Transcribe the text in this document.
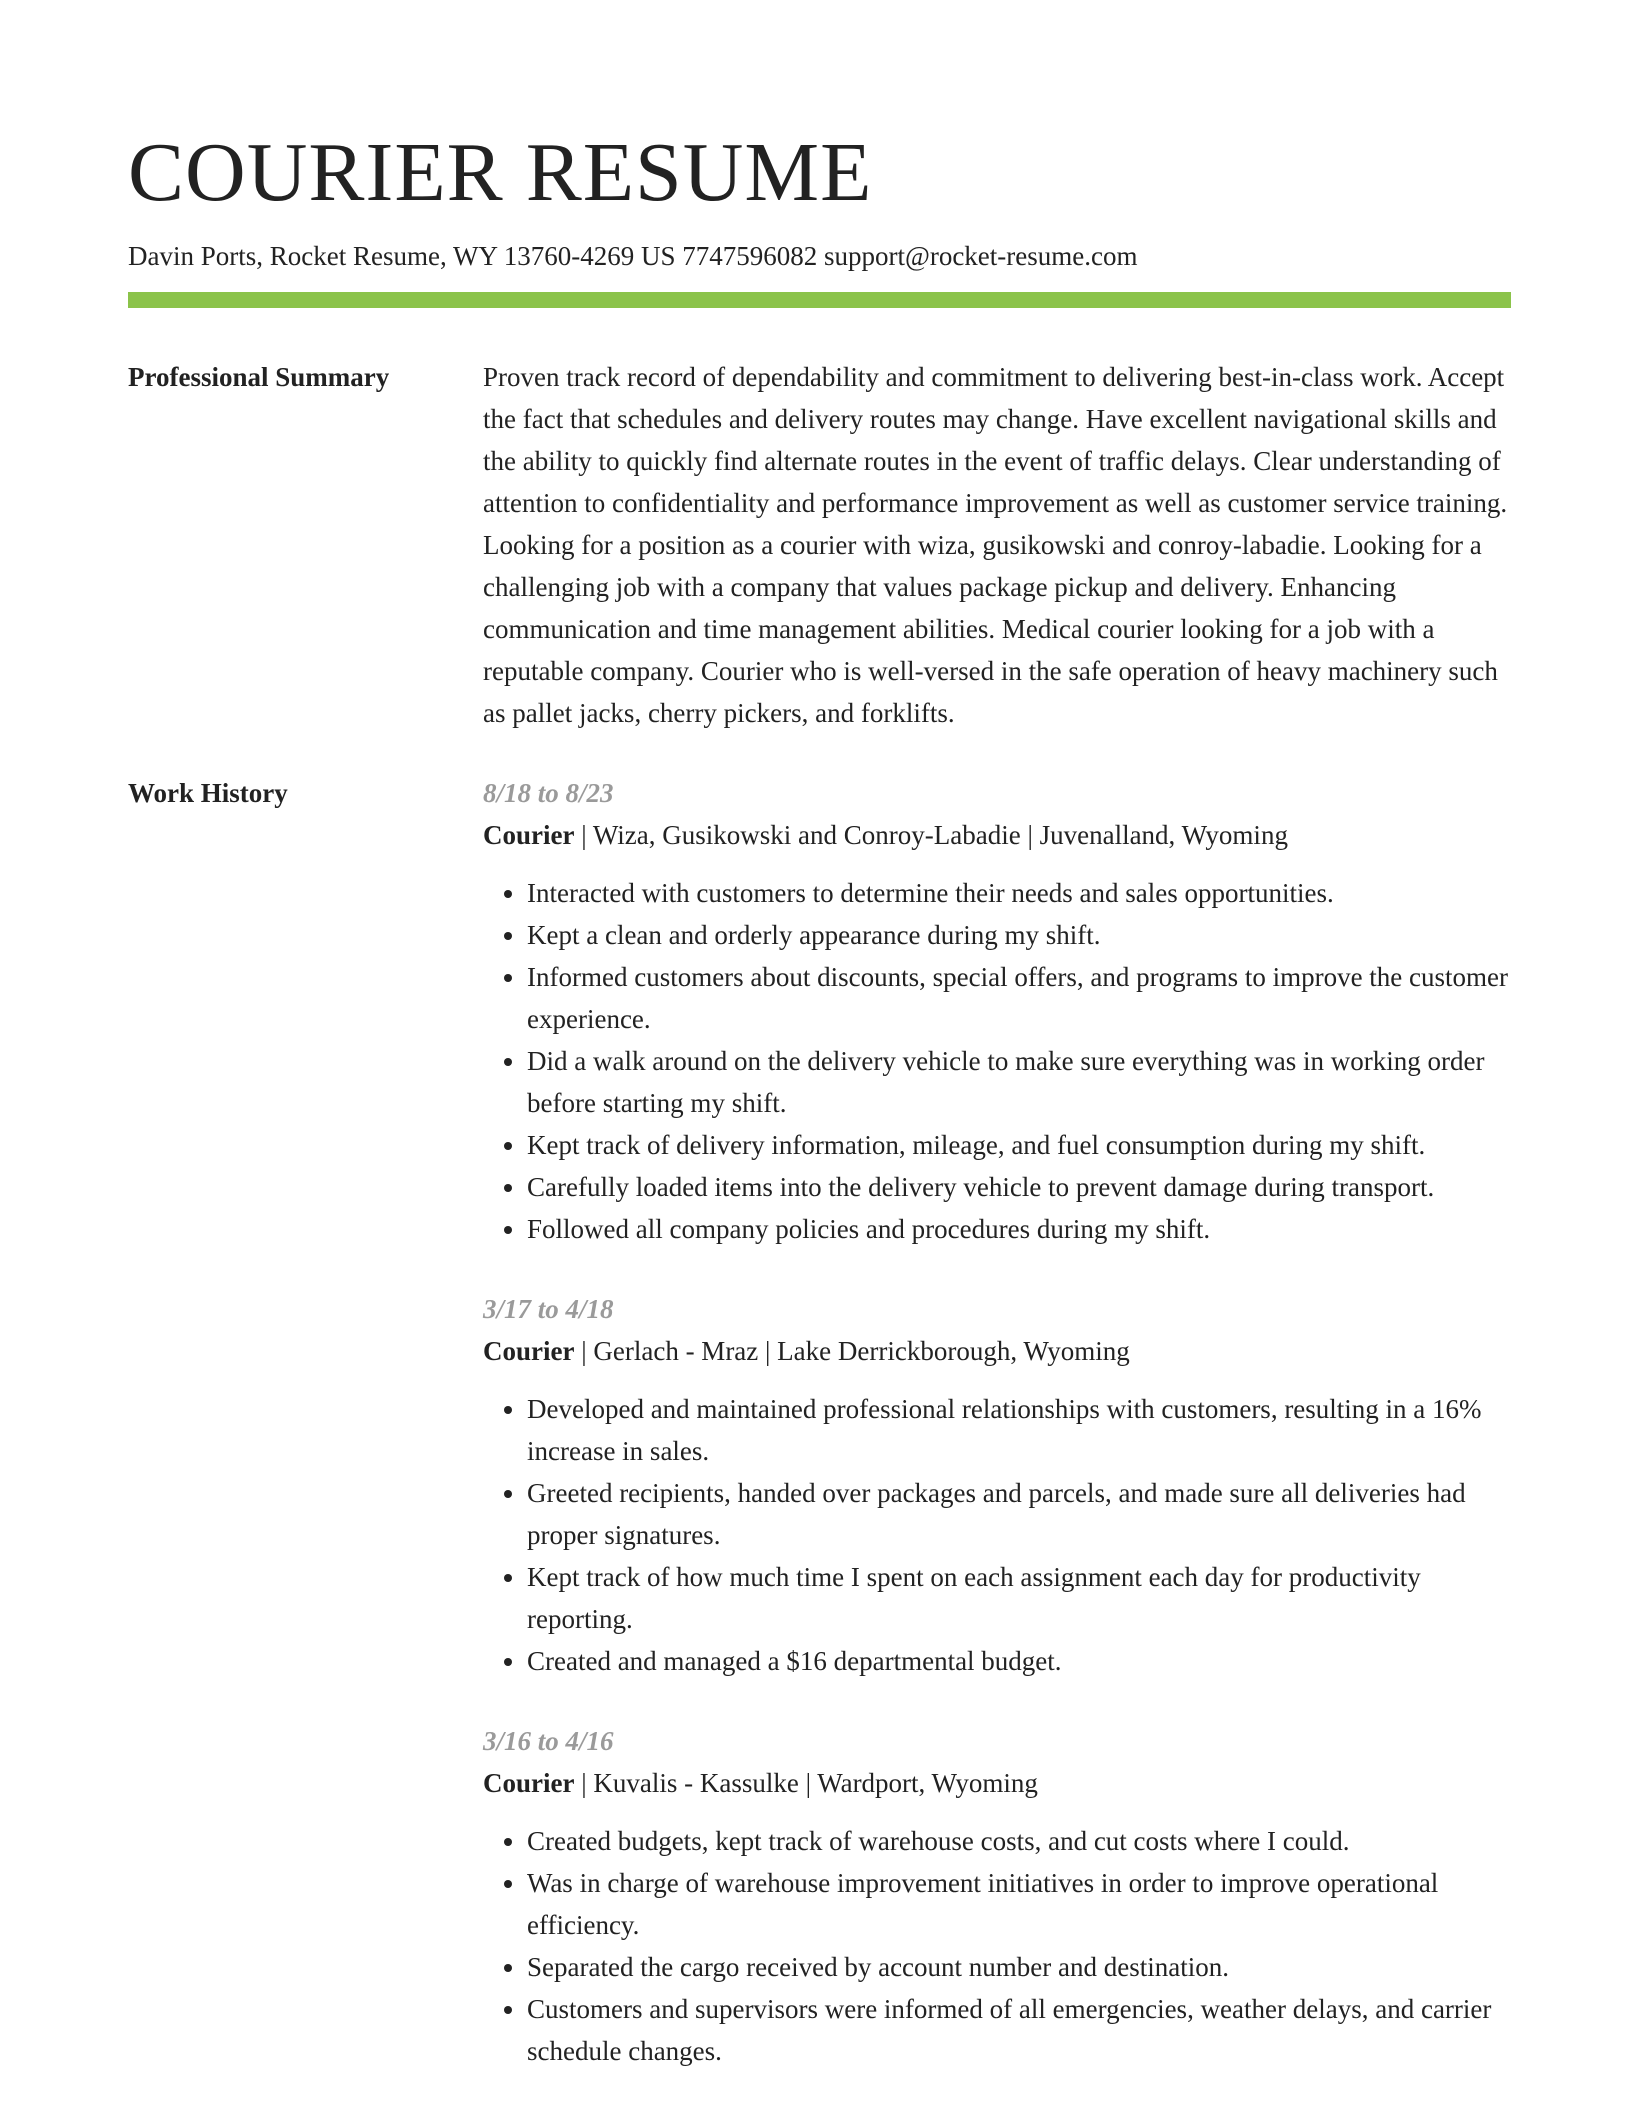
COURIER RESUME
Davin Ports, Rocket Resume, WY 13760-4269 US 7747596082 support@rocket-resume.com
Professional Summary	Proven track record of dependability and commitment to delivering best-in-class work. Accept the fact that schedules and delivery routes may change. Have excellent navigational skills and the ability to quickly find alternate routes in the event of traffic delays. Clear understanding of attention to confidentiality and performance improvement as well as customer service training. Looking for a position as a courier with wiza, gusikowski and conroy-labadie. Looking for a challenging job with a company that values package pickup and delivery. Enhancing communication and time management abilities. Medical courier looking for a job with a reputable company. Courier who is well-versed in the safe operation of heavy machinery such as pallet jacks, cherry pickers, and forklifts.

Work History	8/18 to 8/23
Courier | Wiza, Gusikowski and Conroy-Labadie | Juvenalland, Wyoming
• Interacted with customers to determine their needs and sales opportunities.
• Kept a clean and orderly appearance during my shift.
• Informed customers about discounts, special offers, and programs to improve the customer experience.
• Did a walk around on the delivery vehicle to make sure everything was in working order before starting my shift.
• Kept track of delivery information, mileage, and fuel consumption during my shift.
• Carefully loaded items into the delivery vehicle to prevent damage during transport.
• Followed all company policies and procedures during my shift.
3/17 to 4/18
Courier | Gerlach - Mraz | Lake Derrickborough, Wyoming
• Developed and maintained professional relationships with customers, resulting in a 16% increase in sales.
• Greeted recipients, handed over packages and parcels, and made sure all deliveries had proper signatures.
• Kept track of how much time I spent on each assignment each day for productivity reporting.
• Created and managed a $16 departmental budget.
3/16 to 4/16
Courier | Kuvalis - Kassulke | Wardport, Wyoming
• Created budgets, kept track of warehouse costs, and cut costs where I could.
• Was in charge of warehouse improvement initiatives in order to improve operational efficiency.
• Separated the cargo received by account number and destination.
• Customers and supervisors were informed of all emergencies, weather delays, and carrier schedule changes.
